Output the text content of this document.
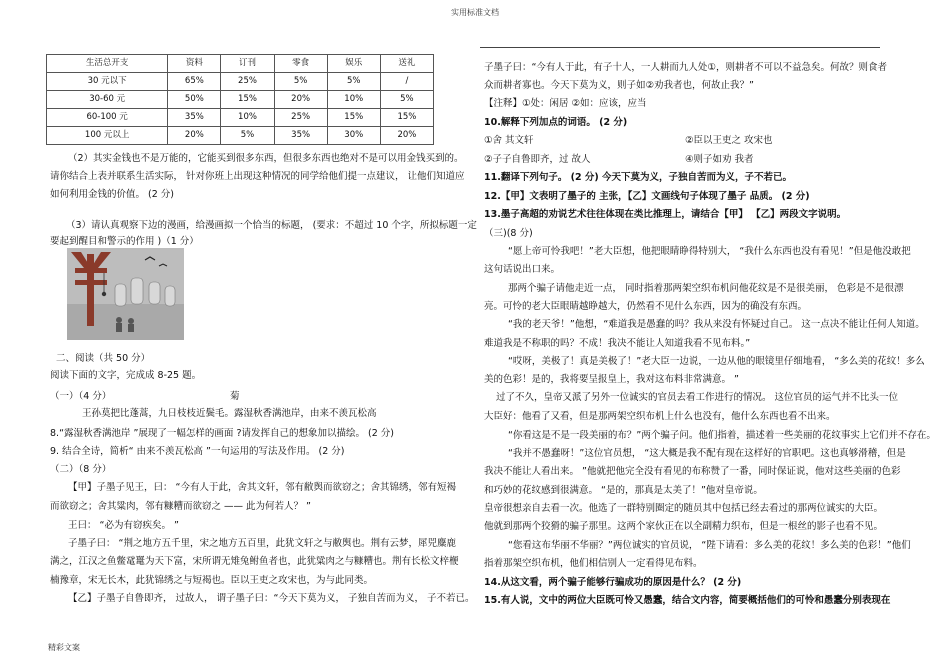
实用标准文档
生活总开支	资料	订刊	零食	娱乐	送礼
30 元以下	65%	25%	5%	5%	/
30-60 元	50%	15%	20%	10%	5%
60-100 元	35%	10%	25%	15%	15%
100 元以上	20%	5%	35%	30%	20%
（2）其实金钱也不是万能的，它能买到很多东西，但很多东西也绝对不是可以用金钱买到的。
请你结合上表并联系生活实际， 针对你班上出现这种情况的同学给他们提一点建议， 让他们知道应
如何利用金钱的价值。 (2 分)
（3）请认真观察下边的漫画，给漫画拟一个恰当的标题， (要求：不超过 10 个字，所拟标题一定
要起到醒目和警示的作用 )（1 分）
二、阅读（共 50 分）
阅读下面的文字，完成成 8-25 题。
（一）（4 分）	菊
王孙莫把比蓬蒿，九日枝枝近鬓毛。露湿秋香满池岸，由来不羡瓦松高
8.“露湿秋香满池岸 ”展现了一幅怎样的画面 ?请发挥自己的想象加以描绘。 (2 分)
9. 结合全诗，简析“ 由来不羡瓦松高 ”一句运用的写法及作用。 (2 分)
（二）（8 分）
【甲】子墨子见王，曰： “今有人于此，舍其文轩，邻有敝舆而欲窃之；舍其锦绣，邻有短褐
而欲窃之；舍其粱肉，邻有糠糟而欲窃之 —— 此为何若人？ ”
王曰： “必为有窃疾矣。 ”
子墨子曰： “荆之地方五千里，宋之地方五百里，此犹文轩之与敝舆也。荆有云梦，犀兕麋鹿
满之，江汉之鱼鳖鼋鼍为天下富，宋所谓无雉兔鲋鱼者也，此犹粱肉之与糠糟也。荆有长松文梓楩
楠豫章，宋无长木，此犹锦绣之与短褐也。臣以王吏之攻宋也，为与此同类。
【乙】子墨子自鲁即齐， 过故人， 谓子墨子曰：“今天下莫为义， 子独自苦而为义， 子不若已。
子墨子曰：“今有人于此，有子十人，一人耕而九人处①，则耕者不可以不益急矣。何故？则食者
众而耕者寡也。今天下莫为义，则子如②劝我者也，何故止我？”
【注释】①处：闲居 ②如：应该，应当
10.解释下列加点的词语。 (2 分)
①舍 其文轩	②臣以王吏之 攻宋也
②子子自鲁即齐，过 故人	④则子如劝 我者
11.翻译下列句子。 (2 分) 今天下莫为义，子独自苦而为义，子不若已。
12.【甲】文表明了墨子的 主张，【乙】文画线句子体现了墨子 品质。 (2 分)
13.墨子高超的劝说艺术往往体现在类比推理上，请结合【甲】 【乙】两段文字说明。
（三)(8 分)
“愿上帝可怜我吧！”老大臣想，他把眼睛睁得特别大， “我什么东西也没有看见！”但是他没敢把
这句话说出口来。
那两个骗子请他走近一点， 同时指着那两架空织布机问他花纹是不是很美丽， 色彩是不是很漂
亮。可怜的老大臣眼睛越睁越大，仍然看不见什么东西，因为的确没有东西。
“我的老天爷！”他想，“难道我是愚蠢的吗？我从来没有怀疑过自己。 这一点决不能让任何人知道。
难道我是不称职的吗？不成！我决不能让人知道我看不见布料。”
“哎呀，美极了！真是美极了！”老大臣一边说，一边从他的眼镜里仔细地看， “多么美的花纹！多么
美的色彩！是的，我将要呈报皇上，我对这布料非常满意。 ”
过了不久，皇帝又派了另外一位诚实的官员去看工作进行的情况。 这位官员的运气并不比头一位
大臣好：他看了又看，但是那两架空织布机上什么也没有，他什么东西也看不出来。
“你看这是不是一段美丽的布？”两个骗子问。他们指着，描述着一些美丽的花纹事实上它们并不存在。
“我并不愚蠢呀！”这位官员想， “这大概是我不配有现在这样好的官职吧。这也真够滑稽，但是
我决不能让人看出来。 ”他就把他完全没有看见的布称赞了一番，同时保证说，他对这些美丽的色彩
和巧妙的花纹感到很满意。 “是的，那真是太美了！”他对皇帝说。
皇帝很想亲自去看一次。他选了一群特别圈定的随员其中包括已经去看过的那两位诚实的大臣。
他就到那两个狡猾的骗子那里。这两个家伙正在以全副精力织布，但是一根丝的影子也看不见。
“您看这布华丽不华丽？”两位诚实的官员说， “陛下请看：多么美的花纹！多么美的色彩！”他们
指着那架空织布机，他们相信别人一定看得见布料。
14.从这文看，两个骗子能够行骗成功的原因是什么？ (2 分)
15.有人说，文中的两位大臣既可怜又愚蠢，结合文内容，简要概括他们的可怜和愚蠢分别表现在
精彩文案
